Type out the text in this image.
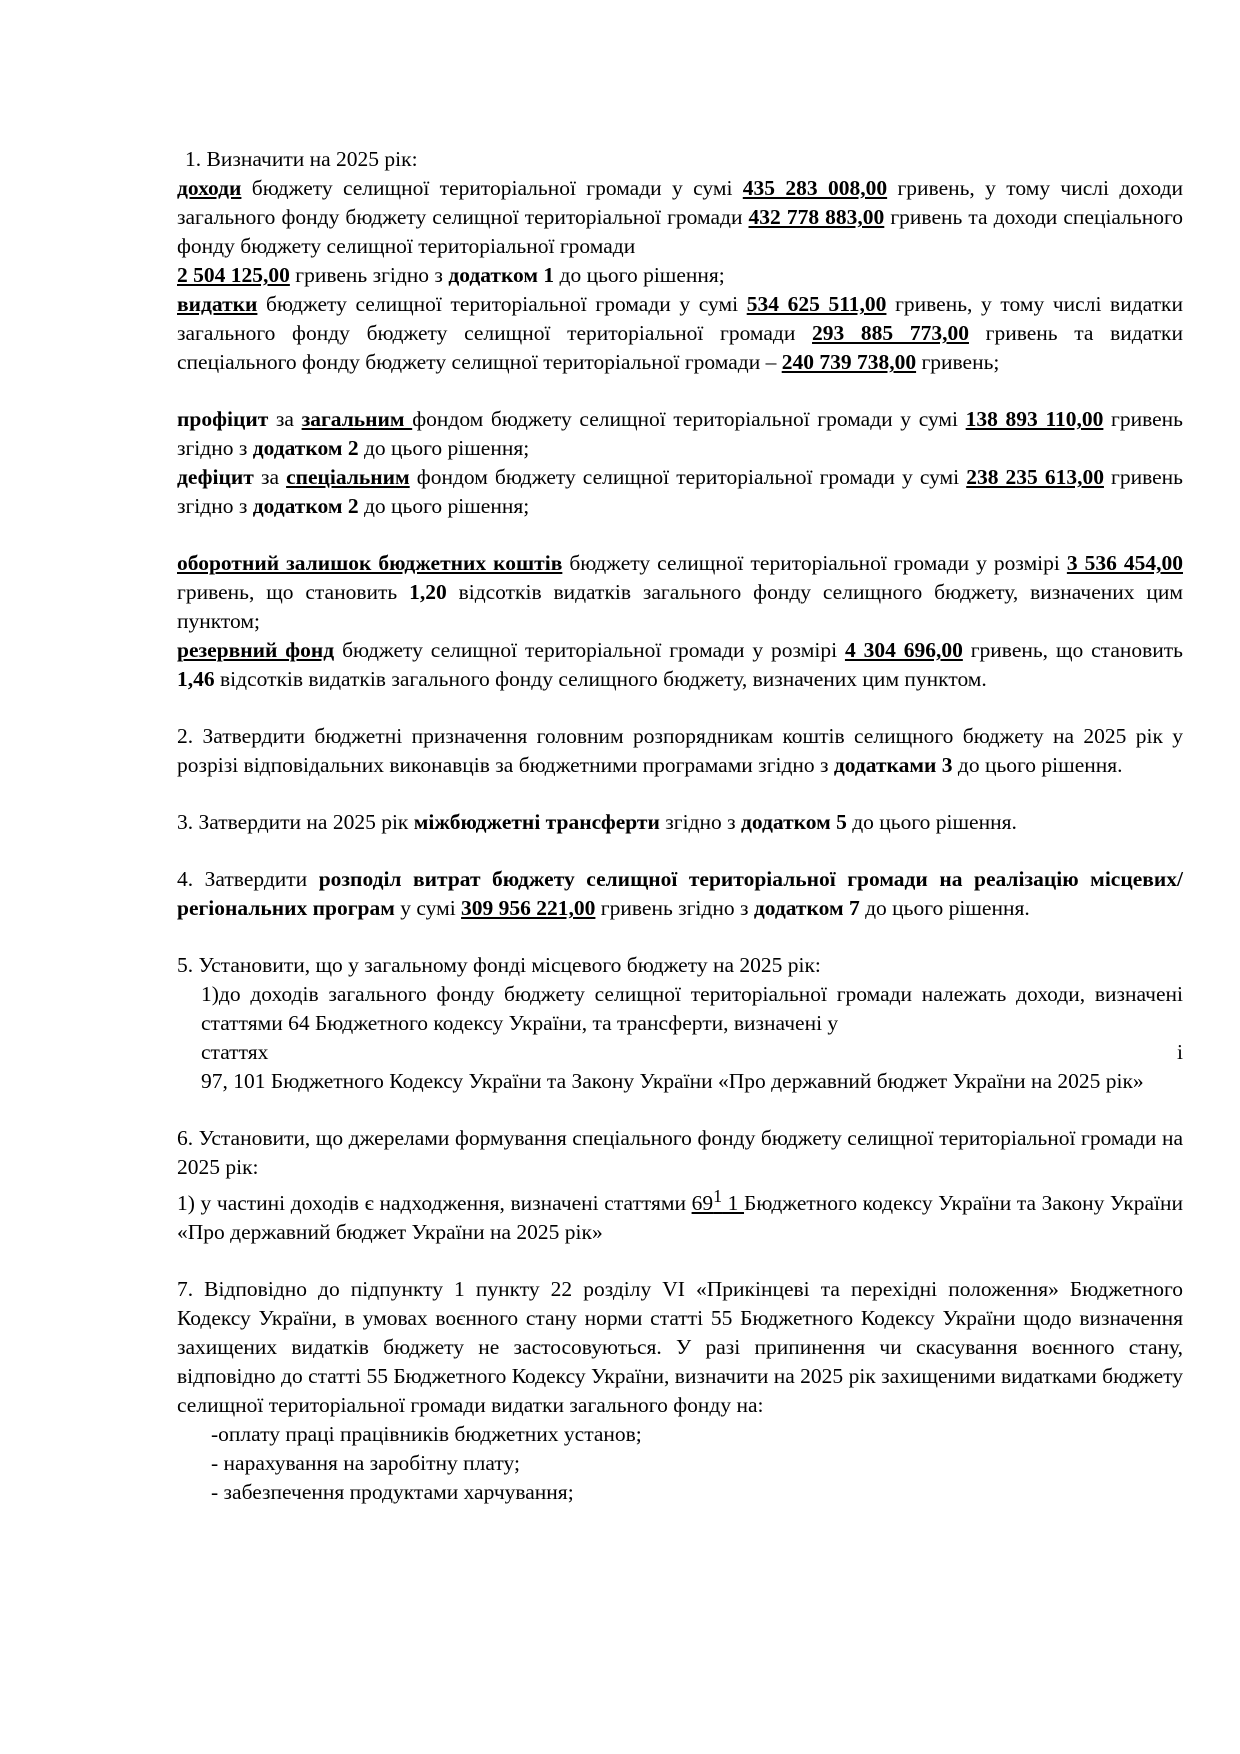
1. Визначити на 2025 рік:

доходи бюджету селищної територіальної громади у сумі 435 283 008,00 гривень, у тому числі доходи загального фонду бюджету селищної територіальної громади 432 778 883,00 гривень та доходи спеціального фонду бюджету селищної територіальної громади
2 504 125,00 гривень згідно з додатком 1 до цього рішення;

видатки бюджету селищної територіальної громади у сумі 534 625 511,00 гривень, у тому числі видатки загального фонду бюджету селищної територіальної громади 293 885 773,00 гривень та видатки спеціального фонду бюджету селищної територіальної громади – 240 739 738,00 гривень;

профіцит за загальним фондом бюджету селищної територіальної громади у сумі 138 893 110,00 гривень згідно з додатком 2 до цього рішення;

дефіцит за спеціальним фондом бюджету селищної територіальної громади у сумі 238 235 613,00 гривень згідно з додатком 2 до цього рішення;

оборотний залишок бюджетних коштів бюджету селищної територіальної громади у розмірі 3 536 454,00 гривень, що становить 1,20 відсотків видатків загального фонду селищного бюджету, визначених цим пунктом;

резервний фонд бюджету селищної територіальної громади у розмірі 4 304 696,00 гривень, що становить 1,46 відсотків видатків загального фонду селищного бюджету, визначених цим пунктом.

2. Затвердити бюджетні призначення головним розпорядникам коштів селищного бюджету на 2025 рік у розрізі відповідальних виконавців за бюджетними програмами згідно з додатками 3 до цього рішення.

3. Затвердити на 2025 рік міжбюджетні трансферти згідно з додатком 5 до цього рішення.

4. Затвердити розподіл витрат бюджету селищної територіальної громади на реалізацію місцевих/регіональних програм у сумі 309 956 221,00 гривень згідно з додатком 7 до цього рішення.

5. Установити, що у загальному фонді місцевого бюджету на 2025 рік:

1)до доходів загального фонду бюджету селищної територіальної громади належать доходи, визначені статтями 64 Бюджетного кодексу України, та трансферти, визначені у

статтях	і

97, 101 Бюджетного Кодексу України та Закону України «Про державний бюджет України на 2025 рік»

6. Установити, що джерелами формування спеціального фонду бюджету селищної територіальної громади на 2025 рік:

1) у частині доходів є надходження, визначені статтями $69^1$ 1 Бюджетного кодексу України та Закону України «Про державний бюджет України на 2025 рік»

7. Відповідно до підпункту 1 пункту 22 розділу VI «Прикінцеві та перехідні положення» Бюджетного Кодексу України, в умовах воєнного стану норми статті 55 Бюджетного Кодексу України щодо визначення захищених видатків бюджету не застосовуються. У разі припинення чи скасування воєнного стану, відповідно до статті 55 Бюджетного Кодексу України, визначити на 2025 рік захищеними видатками бюджету селищної територіальної громади видатки загального фонду на:

-оплату праці працівників бюджетних установ;

- нарахування на заробітну плату;

- забезпечення продуктами харчування;
